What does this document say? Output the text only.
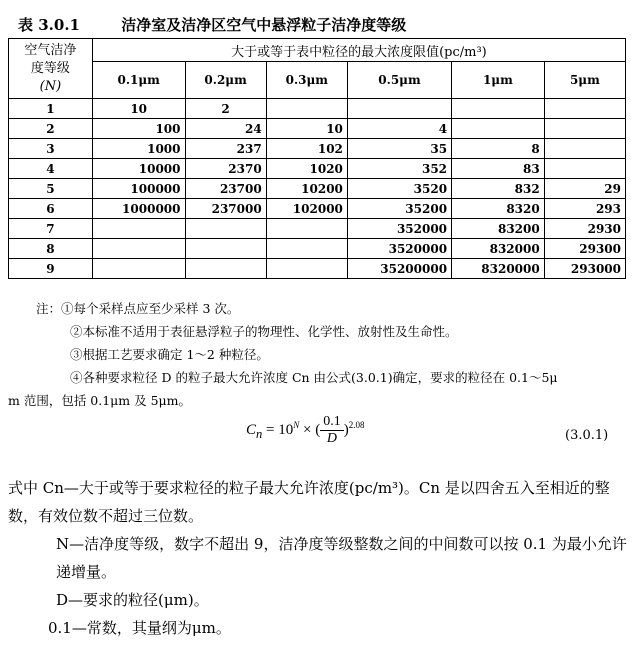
表 3.0.1	洁净室及洁净区空气中悬浮粒子洁净度等级
空气洁净
度等级
(N)	大于或等于表中粒径的最大浓度限值(pc/m³)					
	0.1μm	0.2μm	0.3μm	0.5μm	1μm	5μm
1	10	2				
2	100	24	10	4		
3	1000	237	102	35	8	
4	10000	2370	1020	352	83	
5	100000	23700	10200	3520	832	29
6	1000000	237000	102000	35200	8320	293
7				352000	83200	2930
8				3520000	832000	29300
9				35200000	8320000	293000
注：①每个采样点应至少采样 3 次。
②本标准不适用于表征悬浮粒子的物理性、化学性、放射性及生命性。
③根据工艺要求确定 1～2 种粒径。
④各种要求粒径 D 的粒子最大允许浓度 Cn 由公式(3.0.1)确定，要求的粒径在 0.1～5μ
m 范围，包括 0.1μm 及 5μm。
$C_n = 10^N$ × ( $\frac{0.1}{D} )^{2.08}$
(3.0.1)

式中 Cn—大于或等于要求粒径的粒子最大允许浓度(pc/m³)。Cn 是以四舍五入至相近的整数，有效位数不超过三位数。

N—洁净度等级，数字不超出 9，洁净度等级整数之间的中间数可以按 0.1 为最小允许递增量。

D—要求的粒径(μm)。

0.1—常数，其量纲为μm。
